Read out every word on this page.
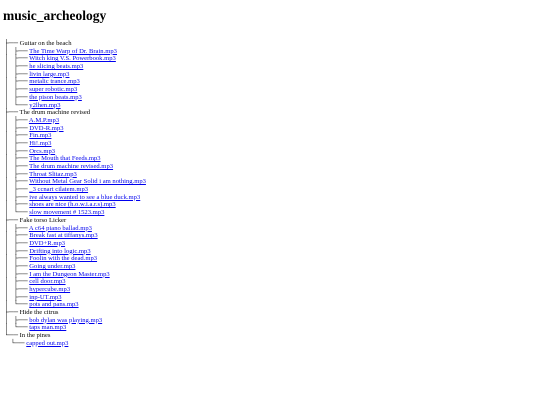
music_archeology
├── Guitar on the beach
│   ├── The Time Warp of Dr. Brain.mp3
│   ├── Witch king V.S. Powerbook.mp3
│   ├── he slicing beats.mp3
│   ├── livin large.mp3
│   ├── metalic trance.mp3
│   ├── super robotic.mp3
│   ├── the pison beats.mp3
│   └── y2lhen.mp3
├── The drum machine revised
│   ├── A.M.P.mp3
│   ├── DVD-R.mp3
│   ├── Fin.mp3
│   ├── Hi!.mp3
│   ├── Orcs.mp3
│   ├── The Mouth that Feeds.mp3
│   ├── The drum machine revised.mp3
│   ├── Throat Slitaz.mp3
│   ├── Without Metal Gear Solid i am nothing.mp3
│   ├── _3 ccnart cilatem.mp3
│   ├── ive always wanted to see a blue duck.mp3
│   ├── shoes are nice (h.o.w.i.a.r.s).mp3
│   └── slow movement # 1523.mp3
├── Fake torso Licker
│   ├── A c64 piano ballad.mp3
│   ├── Break fast at tiffanys.mp3
│   ├── DVD+R.mp3
│   ├── Drifting into logic.mp3
│   ├── Foolin with the dead.mp3
│   ├── Going under.mp3
│   ├── I am the Dungeon Master.mp3
│   ├── cell door.mp3
│   ├── hypercube.mp3
│   ├── inp-UT.mp3
│   └── pots and pans.mp3
├── Hide the citrus
│   ├── bob dylan was playing.mp3
│   └── taps man.mp3
└── In the pines
└── capped out.mp3
